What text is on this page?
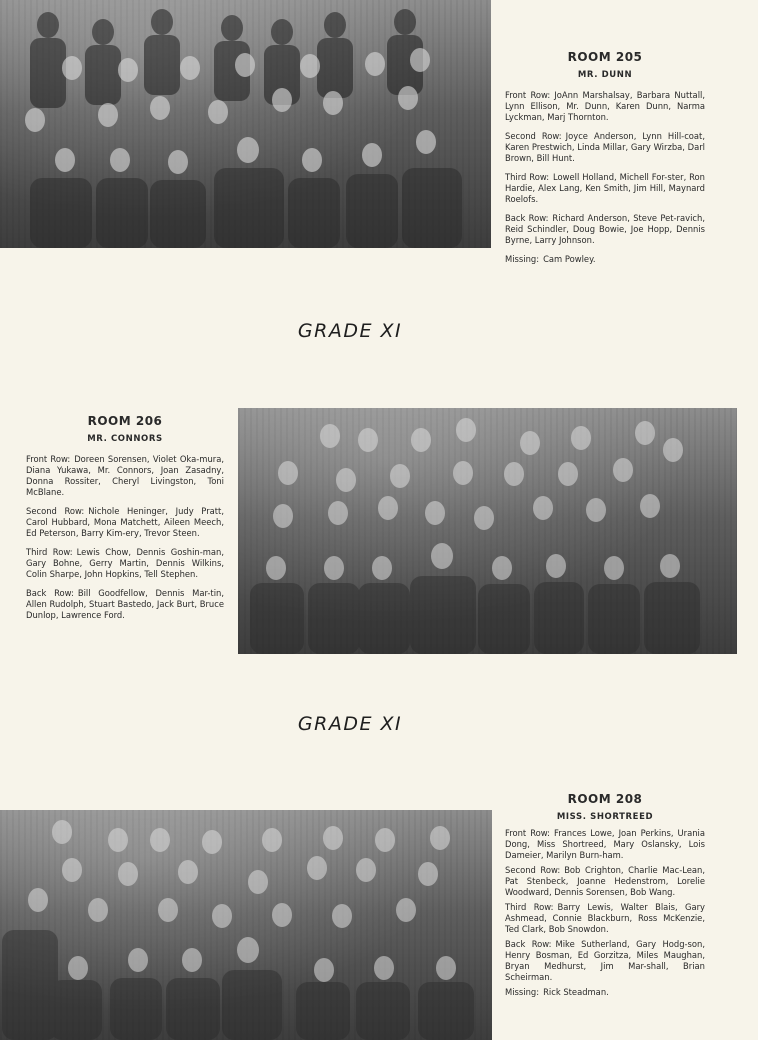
ROOM 205
MR. DUNN
Front Row: JoAnn Marshalsay, Barbara Nuttall, Lynn Ellison, Mr. Dunn, Karen Dunn, Narma Lyckman, Marj Thornton.
Second Row: Joyce Anderson, Lynn Hill-coat, Karen Prestwich, Linda Millar, Gary Wirzba, Darl Brown, Bill Hunt.
Third Row: Lowell Holland, Michell For-ster, Ron Hardie, Alex Lang, Ken Smith, Jim Hill, Maynard Roelofs.
Back Row: Richard Anderson, Steve Pet-ravich, Reid Schindler, Doug Bowie, Joe Hopp, Dennis Byrne, Larry Johnson.
Missing: Cam Powley.
GRADE XI
ROOM 206
MR. CONNORS
Front Row: Doreen Sorensen, Violet Oka-mura, Diana Yukawa, Mr. Connors, Joan Zasadny, Donna Rossiter, Cheryl Livingston, Toni McBlane.
Second Row: Nichole Heninger, Judy Pratt, Carol Hubbard, Mona Matchett, Aileen Meech, Ed Peterson, Barry Kim-ery, Trevor Steen.
Third Row: Lewis Chow, Dennis Goshin-man, Gary Bohne, Gerry Martin, Dennis Wilkins, Colin Sharpe, John Hopkins, Tell Stephen.
Back Row: Bill Goodfellow, Dennis Mar-tin, Allen Rudolph, Stuart Bastedo, Jack Burt, Bruce Dunlop, Lawrence Ford.
GRADE XI
ROOM 208
MISS. SHORTREED
Front Row: Frances Lowe, Joan Perkins, Urania Dong, Miss Shortreed, Mary Oslansky, Lois Dameier, Marilyn Burn-ham.
Second Row: Bob Crighton, Charlie Mac-Lean, Pat Stenbeck, Joanne Hedenstrom, Lorelie Woodward, Dennis Sorensen, Bob Wang.
Third Row: Barry Lewis, Walter Blais, Gary Ashmead, Connie Blackburn, Ross McKenzie, Ted Clark, Bob Snowdon.
Back Row: Mike Sutherland, Gary Hodg-son, Henry Bosman, Ed Gorzitza, Miles Maughan, Bryan Medhurst, Jim Mar-shall, Brian Scheirman.
Missing: Rick Steadman.
